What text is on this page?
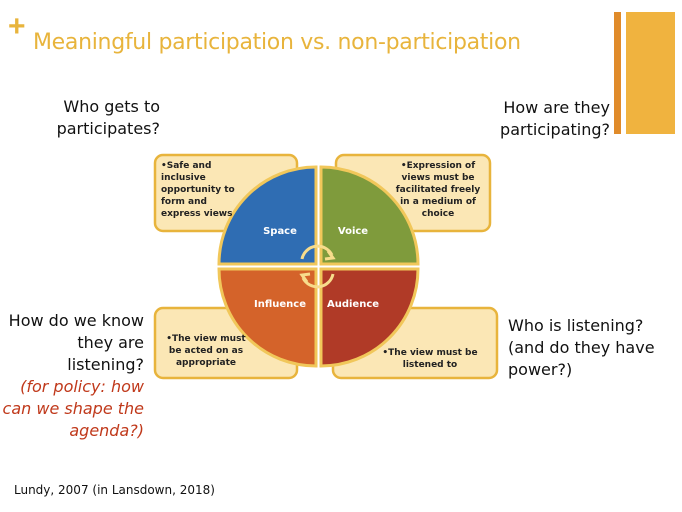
+ Meaningful participation vs. non-participation
Who gets to participates?
How are they participating?
How do we know they are listening?
(for policy: how can we shape the agenda?)
Who is listening? (and do they have power?)
•Safe and inclusive opportunity to form and express views
•Expression of views must be facilitated freely in a medium of choice
•The view must be acted on as appropriate
•The view must be listened to
Space	Voice
Influence	Audience
Lundy, 2007 (in Lansdown, 2018)
